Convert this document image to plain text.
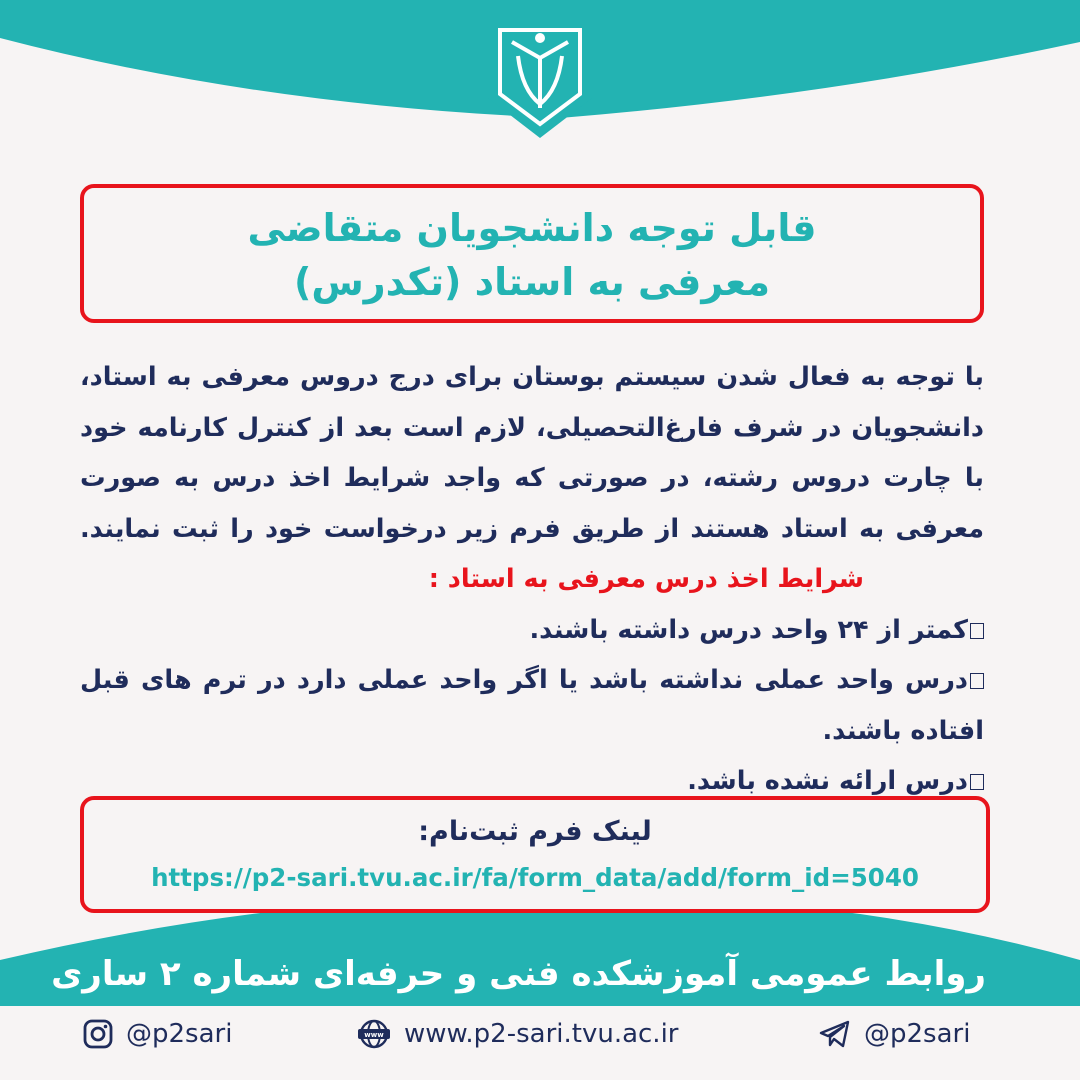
قابل توجه دانشجویان متقاضی
معرفی به استاد (تکدرس)

با توجه به فعال شدن سیستم بوستان برای درج دروس معرفی به استاد، دانشجویان در شرف فارغ‌التحصیلی، لازم است بعد از کنترل کارنامه خود با چارت دروس رشته، در صورتی که واجد شرایط اخذ درس به صورت معرفی به استاد هستند از طریق فرم زیر درخواست خود را ثبت نمایند.شرایط اخذ درس معرفی به استاد :

کمتر از ۲۴ واحد درس داشته باشند.

درس واحد عملی نداشته باشد یا اگر واحد عملی دارد در ترم های قبل افتاده باشند.

درس ارائه نشده باشد.

لینک فرم ثبت‌نام:
https://p2-sari.tvu.ac.ir/fa/form_data/add/form_id=5040
روابط عمومی آموزشکده فنی و حرفه‌ای شماره ۲ ساری
@p2sari	www www.p2-sari.tvu.ac.ir	@p2sari
